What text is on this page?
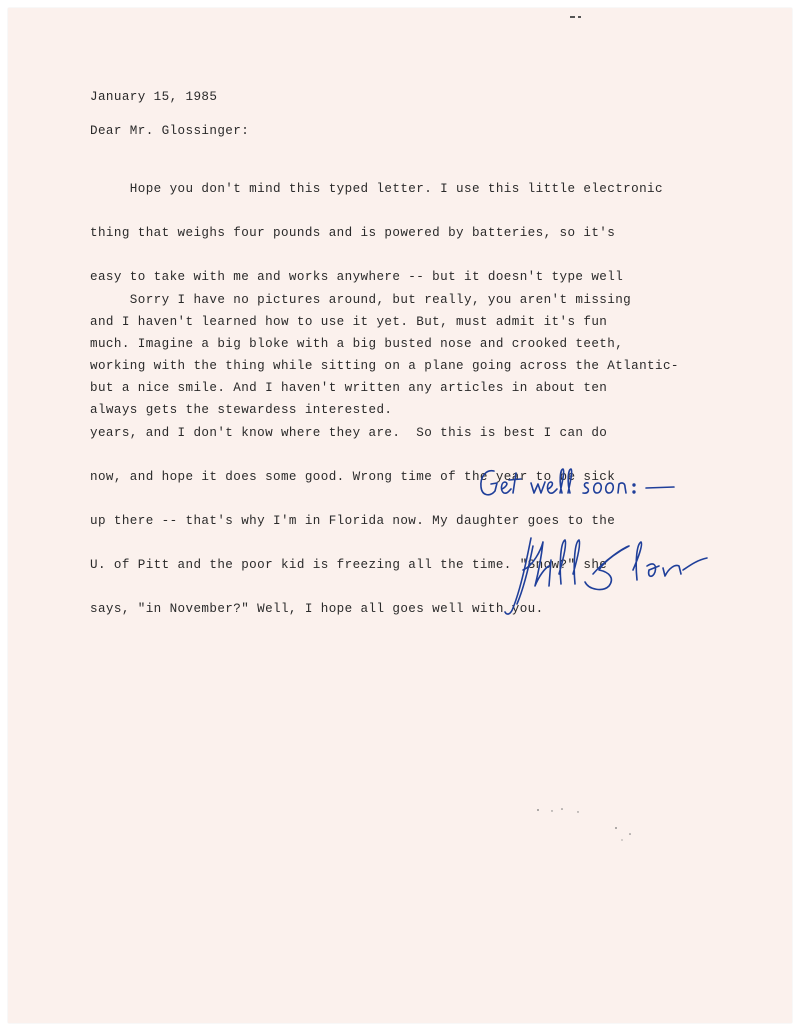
January 15, 1985
Dear Mr. Glossinger:

Hope you don't mind this typed letter. I use this little electronic

thing that weighs four pounds and is powered by batteries, so it's

easy to take with me and works anywhere -- but it doesn't type well

and I haven't learned how to use it yet. But, must admit it's fun

working with the thing while sitting on a plane going across the Atlantic-

always gets the stewardess interested.

Sorry I have no pictures around, but really, you aren't missing

much. Imagine a big bloke with a big busted nose and crooked teeth,

but a nice smile. And I haven't written any articles in about ten

years, and I don't know where they are.  So this is best I can do

now, and hope it does some good. Wrong time of the year to be sick

up there -- that's why I'm in Florida now. My daughter goes to the

U. of Pitt and the poor kid is freezing all the time. "Snow?" she

says, "in November?" Well, I hope all goes well with you.
